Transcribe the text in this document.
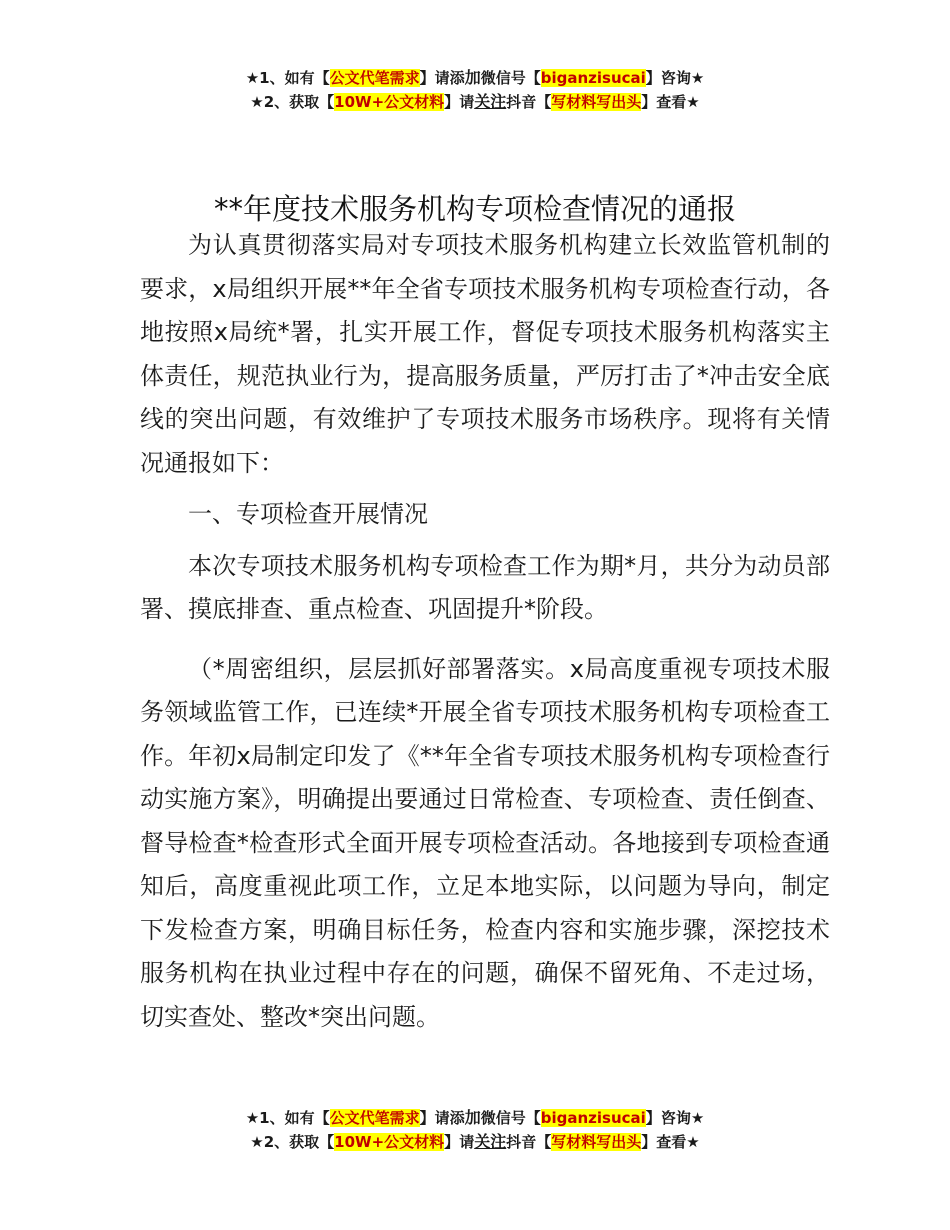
★1、如有【公文代笔需求】请添加微信号【biganzisucai】咨询★
★2、获取【10W+公文材料】请关注抖音【写材料写出头】查看★
**年度技术服务机构专项检查情况的通报

为认真贯彻落实局对专项技术服务机构建立长效监管机制的要求，x局组织开展**年全省专项技术服务机构专项检查行动，各地按照x局统*署，扎实开展工作，督促专项技术服务机构落实主体责任，规范执业行为，提高服务质量，严厉打击了*冲击安全底线的突出问题，有效维护了专项技术服务市场秩序。现将有关情况通报如下：

一、专项检查开展情况

本次专项技术服务机构专项检查工作为期*月，共分为动员部署、摸底排查、重点检查、巩固提升*阶段。

（*周密组织，层层抓好部署落实。x局高度重视专项技术服务领域监管工作，已连续*开展全省专项技术服务机构专项检查工作。年初x局制定印发了《**年全省专项技术服务机构专项检查行动实施方案》，明确提出要通过日常检查、专项检查、责任倒查、督导检查*检查形式全面开展专项检查活动。各地接到专项检查通知后，高度重视此项工作，立足本地实际，以问题为导向，制定下发检查方案，明确目标任务，检查内容和实施步骤，深挖技术服务机构在执业过程中存在的问题，确保不留死角、不走过场，切实查处、整改*突出问题。

★1、如有【公文代笔需求】请添加微信号【biganzisucai】咨询★
★2、获取【10W+公文材料】请关注抖音【写材料写出头】查看★
